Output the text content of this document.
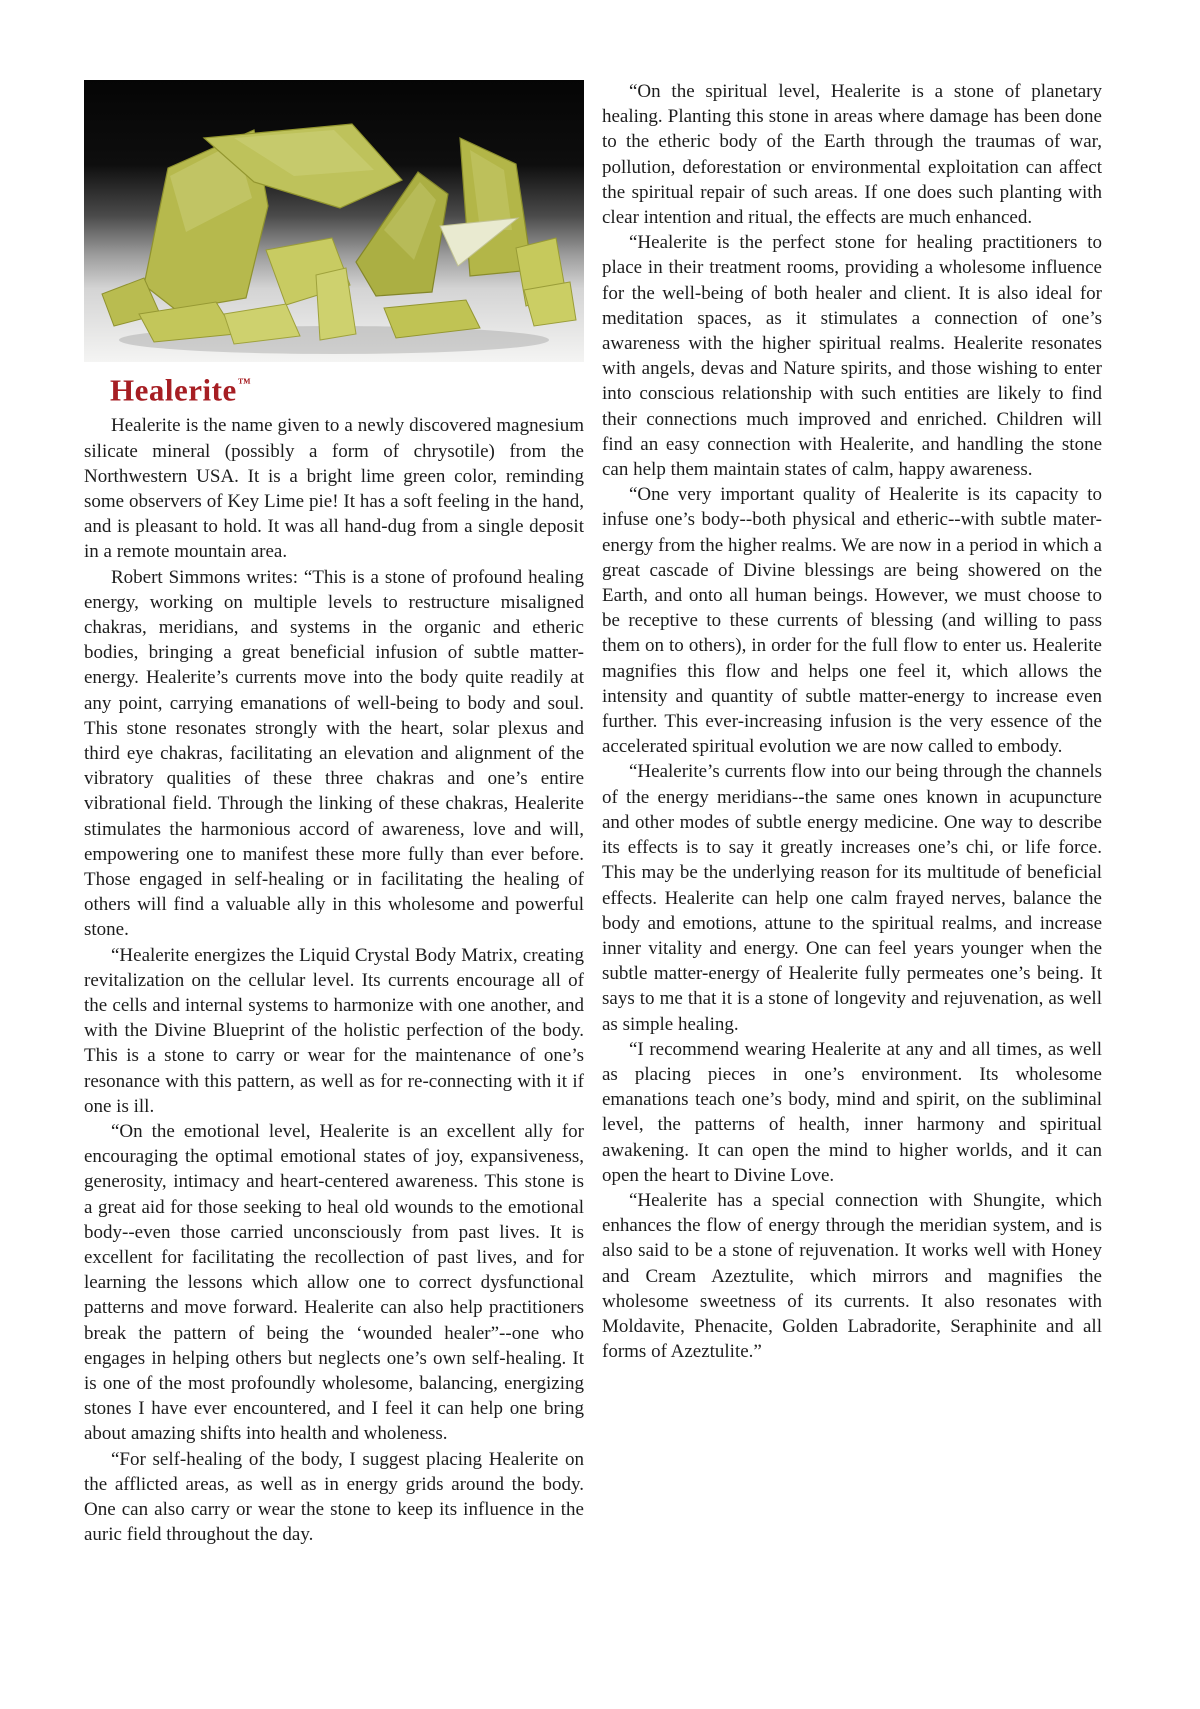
Healerite™

Healerite is the name given to a newly discovered magnesium silicate mineral (possibly a form of chrysotile) from the Northwestern USA. It is a bright lime green color, reminding some observers of Key Lime pie! It has a soft feeling in the hand, and is pleasant to hold. It was all hand-dug from a single deposit in a remote mountain area.

Robert Simmons writes: “This is a stone of profound healing energy, working on multiple levels to restructure misaligned chakras, meridians, and systems in the organic and etheric bodies, bringing a great beneficial infusion of subtle matter-energy. Healerite’s currents move into the body quite readily at any point, carrying emanations of well-being to body and soul. This stone resonates strongly with the heart, solar plexus and third eye chakras, facilitating an elevation and alignment of the vibratory qualities of these three chakras and one’s entire vibrational field. Through the linking of these chakras, Healerite stimulates the harmonious accord of awareness, love and will, empowering one to manifest these more fully than ever before. Those engaged in self-healing or in facilitating the healing of others will find a valuable ally in this wholesome and powerful stone.

“Healerite energizes the Liquid Crystal Body Matrix, creating revitalization on the cellular level. Its currents encourage all of the cells and internal systems to harmonize with one another, and with the Divine Blueprint of the holistic perfection of the body. This is a stone to carry or wear for the maintenance of one’s resonance with this pattern, as well as for re-connecting with it if one is ill.

“On the emotional level, Healerite is an excellent ally for encouraging the optimal emotional states of joy, expansiveness, generosity, intimacy and heart-centered awareness. This stone is a great aid for those seeking to heal old wounds to the emotional body--even those carried unconsciously from past lives. It is excellent for facilitating the recollection of past lives, and for learning the lessons which allow one to correct dysfunctional patterns and move forward. Healerite can also help practitioners break the pattern of being the ‘wounded healer”--one who engages in helping others but neglects one’s own self-healing. It is one of the most profoundly wholesome, balancing, energizing stones I have ever encountered, and I feel it can help one bring about amazing shifts into health and wholeness.

“For self-healing of the body, I suggest placing Healerite on the afflicted areas, as well as in energy grids around the body. One can also carry or wear the stone to keep its influence in the auric field throughout the day.

“On the spiritual level, Healerite is a stone of planetary healing. Planting this stone in areas where damage has been done to the etheric body of the Earth through the traumas of war, pollution, deforestation or environmental exploitation can affect the spiritual repair of such areas. If one does such planting with clear intention and ritual, the effects are much enhanced.

“Healerite is the perfect stone for healing practitioners to place in their treatment rooms, providing a wholesome influence for the well-being of both healer and client. It is also ideal for meditation spaces, as it stimulates a connection of one’s awareness with the higher spiritual realms. Healerite resonates with angels, devas and Nature spirits, and those wishing to enter into conscious relationship with such entities are likely to find their connections much improved and enriched. Children will find an easy connection with Healerite, and handling the stone can help them maintain states of calm, happy awareness.

“One very important quality of Healerite is its capacity to infuse one’s body--both physical and etheric--with subtle mater-energy from the higher realms. We are now in a period in which a great cascade of Divine blessings are being showered on the Earth, and onto all human beings. However, we must choose to be receptive to these currents of blessing (and willing to pass them on to others), in order for the full flow to enter us. Healerite magnifies this flow and helps one feel it, which allows the intensity and quantity of subtle matter-energy to increase even further. This ever-increasing infusion is the very essence of the accelerated spiritual evolution we are now called to embody.

“Healerite’s currents flow into our being through the channels of the energy meridians--the same ones known in acupuncture and other modes of subtle energy medicine. One way to describe its effects is to say it greatly increases one’s chi, or life force. This may be the underlying reason for its multitude of beneficial effects. Healerite can help one calm frayed nerves, balance the body and emotions, attune to the spiritual realms, and increase inner vitality and energy. One can feel years younger when the subtle matter-energy of Healerite fully permeates one’s being. It says to me that it is a stone of longevity and rejuvenation, as well as simple healing.

“I recommend wearing Healerite at any and all times, as well as placing pieces in one’s environment. Its wholesome emanations teach one’s body, mind and spirit, on the subliminal level, the patterns of health, inner harmony and spiritual awakening. It can open the mind to higher worlds, and it can open the heart to Divine Love.

“Healerite has a special connection with Shungite, which enhances the flow of energy through the meridian system, and is also said to be a stone of rejuvenation. It works well with Honey and Cream Azeztulite, which mirrors and magnifies the wholesome sweetness of its currents. It also resonates with Moldavite, Phenacite, Golden Labradorite, Seraphinite and all forms of Azeztulite.”
